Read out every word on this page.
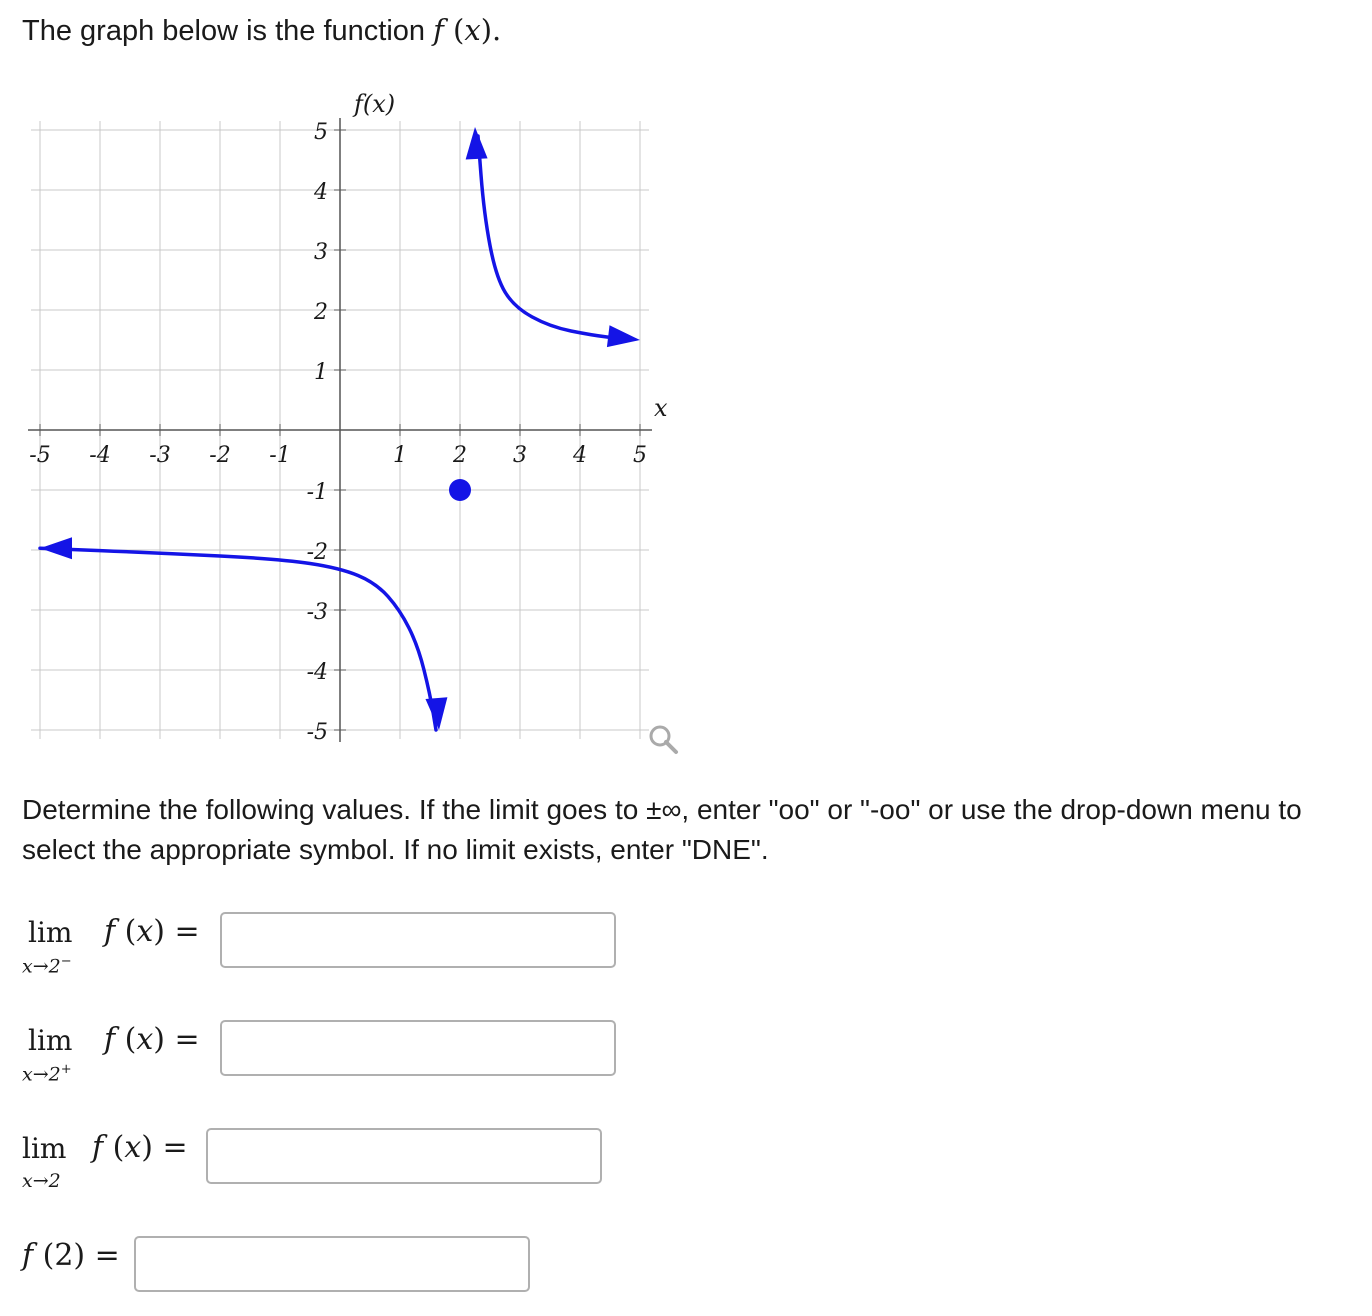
The graph below is the function f (x).
-5 -4 -3 -2 -1	1 2 3 4 5
5
4
3
2
1
-1
-2
-3
-4
-5
f(x)
x
Determine the following values. If the limit goes to ±∞, enter "oo" or "-oo" or use the drop-down menu to select the appropriate symbol. If no limit exists, enter "DNE".
lim
x→2−
f (x) =
lim
x→2+
f (x) =
lim
x→2
f (x) =
f (2) =
